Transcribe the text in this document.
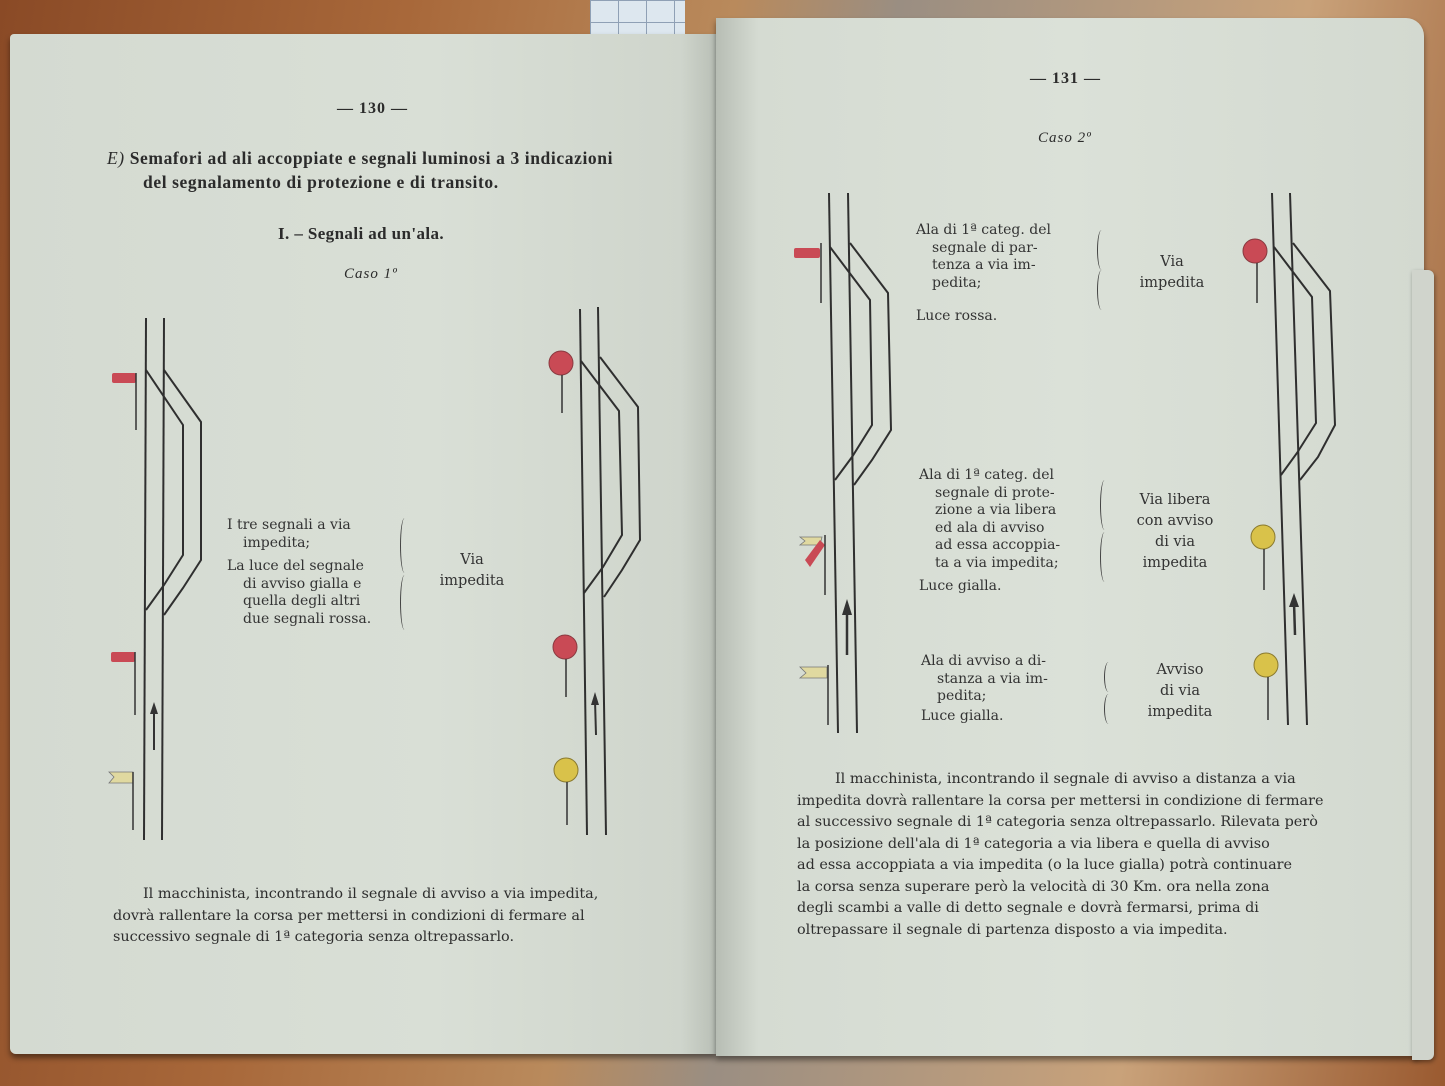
— 130 —
E) Semafori ad ali accoppiate e segnali luminosi a 3 indicazioni
del segnalamento di protezione e di transito.
I. – Segnali ad un'ala.
Caso 1º

I tre segnali a via

impedita;

La luce del segnale

di avviso gialla e

quella degli altri

due segnali rossa.

Via
impedita

Il macchinista, incontrando il segnale di avviso a via impedita,

dovrà rallentare la corsa per mettersi in condizioni di fermare al

successivo segnale di 1ª categoria senza oltrepassarlo.

— 131 —
Caso 2º

Ala di 1ª categ. del

segnale di par-

tenza a via im-

pedita;

Luce rossa.

Via
impedita

Ala di 1ª categ. del

segnale di prote-

zione a via libera

ed ala di avviso

ad essa accoppia-

ta a via impedita;

Luce gialla.

Via libera
con avviso
di via
impedita

Ala di avviso a di-

stanza a via im-

pedita;

Luce gialla.

Avviso
di via
impedita

Il macchinista, incontrando il segnale di avviso a distanza a via

impedita dovrà rallentare la corsa per mettersi in condizione di fermare

al successivo segnale di 1ª categoria senza oltrepassarlo. Rilevata però

la posizione dell'ala di 1ª categoria a via libera e quella di avviso

ad essa accoppiata a via impedita (o la luce gialla) potrà continuare

la corsa senza superare però la velocità di 30 Km. ora nella zona

degli scambi a valle di detto segnale e dovrà fermarsi, prima di

oltrepassare il segnale di partenza disposto a via impedita.
